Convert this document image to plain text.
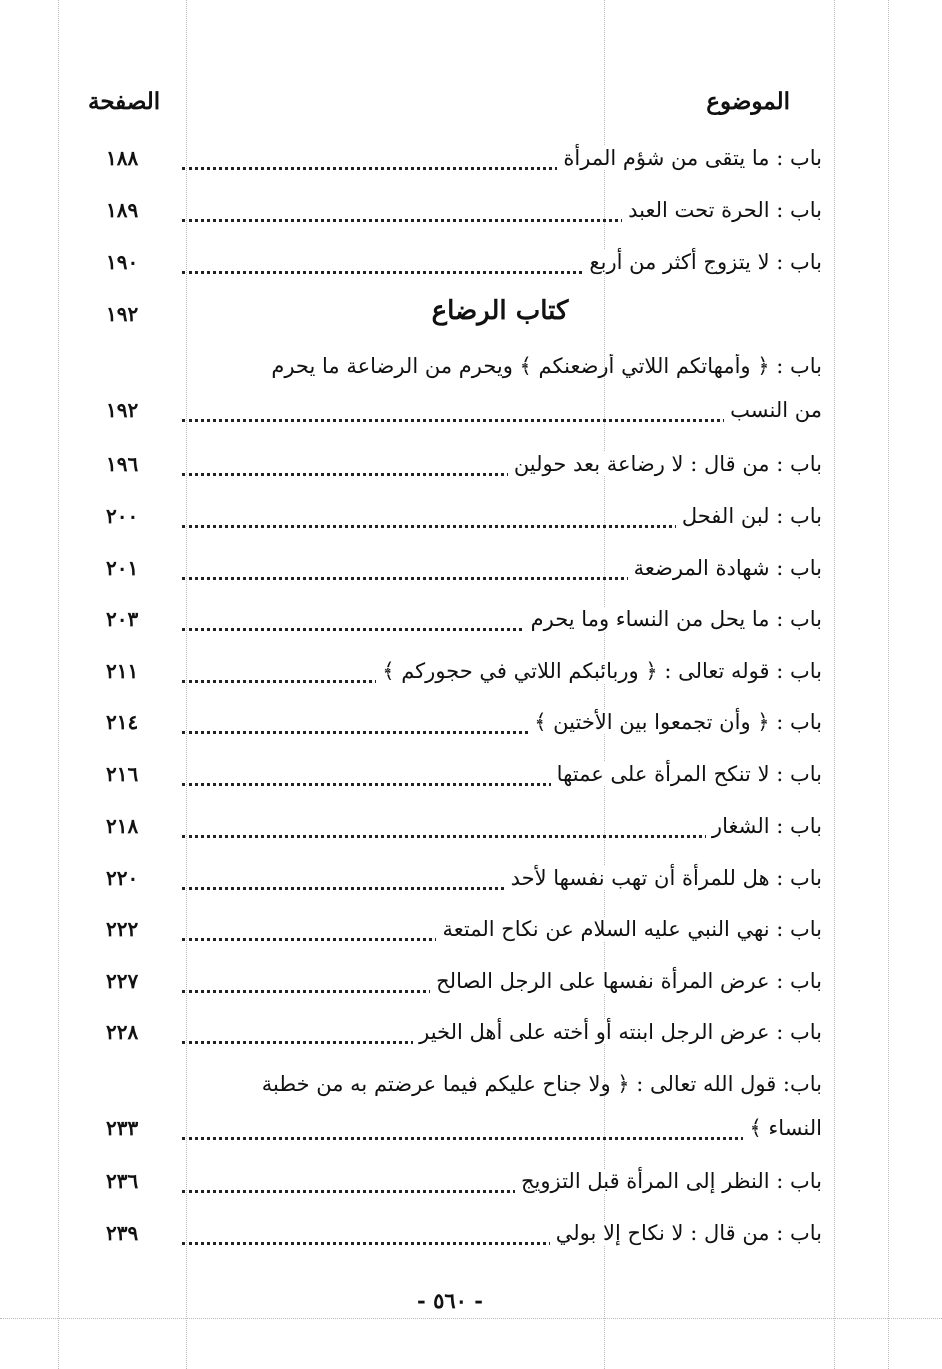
الموضوع
الصفحة
باب : ما يتقى من شؤم المرأة
١٨٨
باب : الحرة تحت العبد
١٨٩
باب : لا يتزوج أكثر من أربع
١٩٠
كتاب الرضاع
١٩٢
باب : ﴿ وأمهاتكم اللاتي أرضعنكم ﴾ ويحرم من الرضاعة ما يحرم
من النسب
١٩٢
باب : من قال : لا رضاعة بعد حولين
١٩٦
باب : لبن الفحل
٢٠٠
باب : شهادة المرضعة
٢٠١
باب : ما يحل من النساء وما يحرم
٢٠٣
باب : قوله تعالى : ﴿ وربائبكم اللاتي في حجوركم ﴾
٢١١
باب : ﴿ وأن تجمعوا بين الأختين ﴾
٢١٤
باب : لا تنكح المرأة على عمتها
٢١٦
باب : الشغار
٢١٨
باب : هل للمرأة أن تهب نفسها لأحد
٢٢٠
باب : نهي النبي عليه السلام عن نكاح المتعة
٢٢٢
باب : عرض المرأة نفسها على الرجل الصالح
٢٢٧
باب : عرض الرجل ابنته أو أخته على أهل الخير
٢٢٨
باب: قول الله تعالى : ﴿ ولا جناح عليكم فيما عرضتم به من خطبة
النساء ﴾
٢٣٣
باب : النظر إلى المرأة قبل التزويج
٢٣٦
باب : من قال : لا نكاح إلا بولي
٢٣٩
- ٥٦٠ -
